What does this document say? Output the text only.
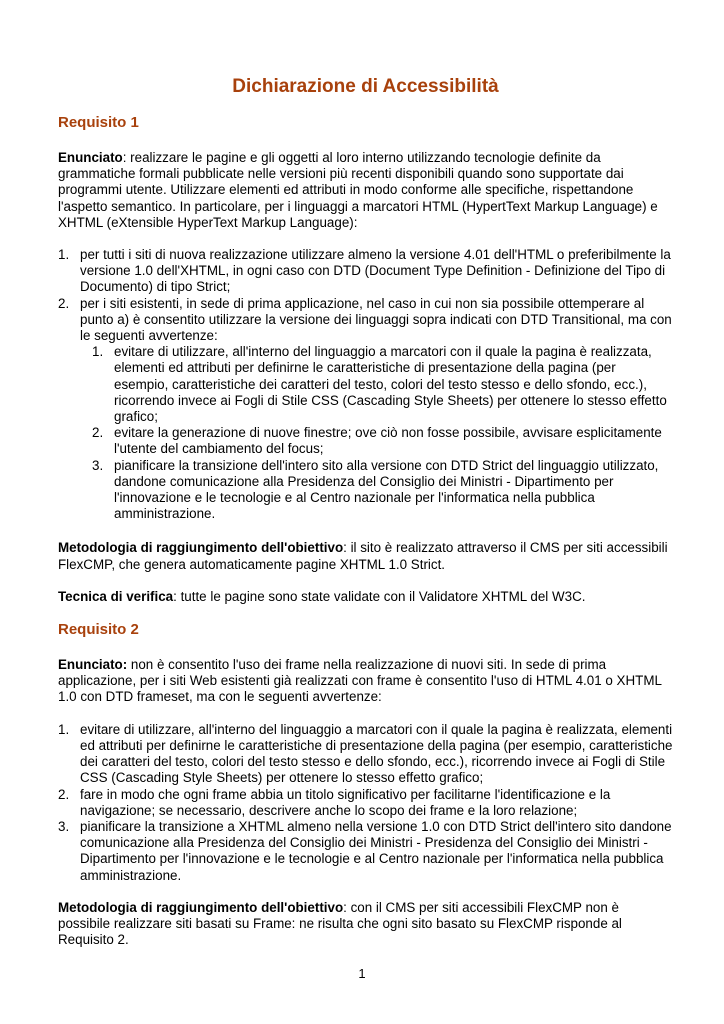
Dichiarazione di Accessibilità
Requisito 1

Enunciato: realizzare le pagine e gli oggetti al loro interno utilizzando tecnologie definite da grammatiche formali pubblicate nelle versioni più recenti disponibili quando sono supportate dai programmi utente. Utilizzare elementi ed attributi in modo conforme alle specifiche, rispettandone l'aspetto semantico. In particolare, per i linguaggi a marcatori HTML (HypertText Markup Language) e XHTML (eXtensible HyperText Markup Language):

1. per tutti i siti di nuova realizzazione utilizzare almeno la versione 4.01 dell'HTML o preferibilmente la versione 1.0 dell'XHTML, in ogni caso con DTD (Document Type Definition - Definizione del Tipo di Documento) di tipo Strict;
2. per i siti esistenti, in sede di prima applicazione, nel caso in cui non sia possibile ottemperare al punto a) è consentito utilizzare la versione dei linguaggi sopra indicati con DTD Transitional, ma con le seguenti avvertenze:
1. evitare di utilizzare, all'interno del linguaggio a marcatori con il quale la pagina è realizzata, elementi ed attributi per definirne le caratteristiche di presentazione della pagina (per esempio, caratteristiche dei caratteri del testo, colori del testo stesso e dello sfondo, ecc.), ricorrendo invece ai Fogli di Stile CSS (Cascading Style Sheets) per ottenere lo stesso effetto grafico;
2. evitare la generazione di nuove finestre; ove ciò non fosse possibile, avvisare esplicitamente l'utente del cambiamento del focus;
3. pianificare la transizione dell'intero sito alla versione con DTD Strict del linguaggio utilizzato, dandone comunicazione alla Presidenza del Consiglio dei Ministri - Dipartimento per l'innovazione e le tecnologie e al Centro nazionale per l'informatica nella pubblica amministrazione.

Metodologia di raggiungimento dell'obiettivo: il sito è realizzato attraverso il CMS per siti accessibili FlexCMP, che genera automaticamente pagine XHTML 1.0 Strict.

Tecnica di verifica: tutte le pagine sono state validate con il Validatore XHTML del W3C.

Requisito 2

Enunciato: non è consentito l'uso dei frame nella realizzazione di nuovi siti. In sede di prima applicazione, per i siti Web esistenti già realizzati con frame è consentito l'uso di HTML 4.01 o XHTML 1.0 con DTD frameset, ma con le seguenti avvertenze:

1. evitare di utilizzare, all'interno del linguaggio a marcatori con il quale la pagina è realizzata, elementi ed attributi per definirne le caratteristiche di presentazione della pagina (per esempio, caratteristiche dei caratteri del testo, colori del testo stesso e dello sfondo, ecc.), ricorrendo invece ai Fogli di Stile CSS (Cascading Style Sheets) per ottenere lo stesso effetto grafico;
2. fare in modo che ogni frame abbia un titolo significativo per facilitarne l'identificazione e la navigazione; se necessario, descrivere anche lo scopo dei frame e la loro relazione;
3. pianificare la transizione a XHTML almeno nella versione 1.0 con DTD Strict dell'intero sito dandone comunicazione alla Presidenza del Consiglio dei Ministri - Presidenza del Consiglio dei Ministri - Dipartimento per l'innovazione e le tecnologie e al Centro nazionale per l'informatica nella pubblica amministrazione.

Metodologia di raggiungimento dell'obiettivo: con il CMS per siti accessibili FlexCMP non è possibile realizzare siti basati su Frame: ne risulta che ogni sito basato su FlexCMP risponde al Requisito 2.

1
